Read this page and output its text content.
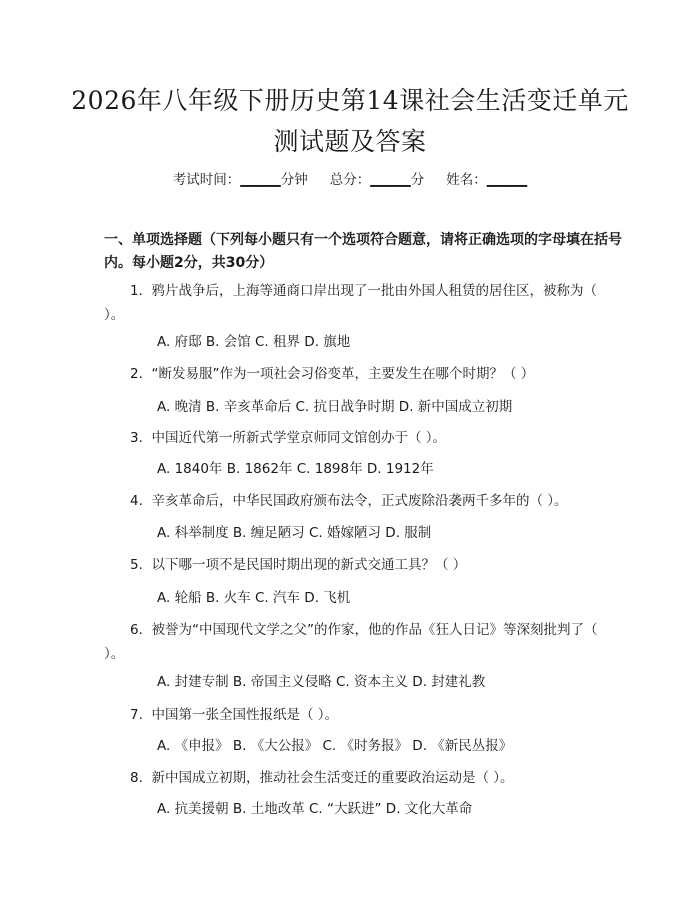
2026年八年级下册历史第14课社会生活变迁单元测试题及答案
考试时间：______分钟 总分：______分 姓名：______
一、单项选择题（下列每小题只有一个选项符合题意，请将正确选项的字母填在括号内。每小题2分，共30分）
1.  鸦片战争后，上海等通商口岸出现了一批由外国人租赁的居住区，被称为（ ）。
A. 府邸 B. 会馆 C. 租界 D. 旗地
2.  “断发易服”作为一项社会习俗变革，主要发生在哪个时期？（ ）
A. 晚清 B. 辛亥革命后 C. 抗日战争时期 D. 新中国成立初期
3.  中国近代第一所新式学堂京师同文馆创办于（ ）。
A. 1840年 B. 1862年 C. 1898年 D. 1912年
4.  辛亥革命后，中华民国政府颁布法令，正式废除沿袭两千多年的（ ）。
A. 科举制度 B. 缠足陋习 C. 婚嫁陋习 D. 服制
5.  以下哪一项不是民国时期出现的新式交通工具？（ ）
A. 轮船 B. 火车 C. 汽车 D. 飞机
6.  被誉为“中国现代文学之父”的作家，他的作品《狂人日记》等深刻批判了（ ）。
A. 封建专制 B. 帝国主义侵略 C. 资本主义 D. 封建礼教
7.  中国第一张全国性报纸是（ ）。
A. 《申报》 B. 《大公报》 C. 《时务报》 D. 《新民丛报》
8.  新中国成立初期，推动社会生活变迁的重要政治运动是（ ）。
A. 抗美援朝 B. 土地改革 C. “大跃进” D. 文化大革命
